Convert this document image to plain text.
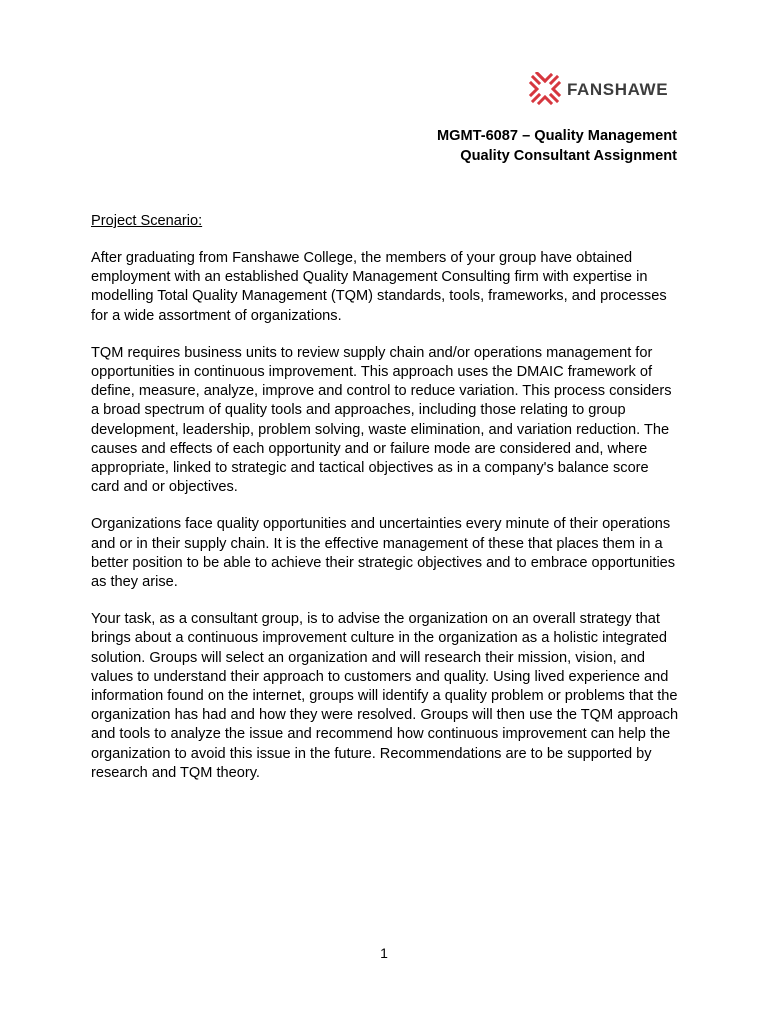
FANSHAWE
MGMT-6087 – Quality Management
Quality Consultant Assignment
Project Scenario:

After graduating from Fanshawe College, the members of your group have obtained employment with an established Quality Management Consulting firm with expertise in modelling Total Quality Management (TQM) standards, tools, frameworks, and processes for a wide assortment of organizations.

TQM requires business units to review supply chain and/or operations management for opportunities in continuous improvement. This approach uses the DMAIC framework of define, measure, analyze, improve and control to reduce variation. This process considers a broad spectrum of quality tools and approaches, including those relating to group development, leadership, problem solving, waste elimination, and variation reduction. The causes and effects of each opportunity and or failure mode are considered and, where appropriate, linked to strategic and tactical objectives as in a company's balance score card and or objectives.

Organizations face quality opportunities and uncertainties every minute of their operations and or in their supply chain. It is the effective management of these that places them in a better position to be able to achieve their strategic objectives and to embrace opportunities as they arise.

Your task, as a consultant group, is to advise the organization on an overall strategy that brings about a continuous improvement culture in the organization as a holistic integrated solution. Groups will select an organization and will research their mission, vision, and values to understand their approach to customers and quality. Using lived experience and information found on the internet, groups will identify a quality problem or problems that the organization has had and how they were resolved. Groups will then use the TQM approach and tools to analyze the issue and recommend how continuous improvement can help the organization to avoid this issue in the future. Recommendations are to be supported by research and TQM theory.

1
